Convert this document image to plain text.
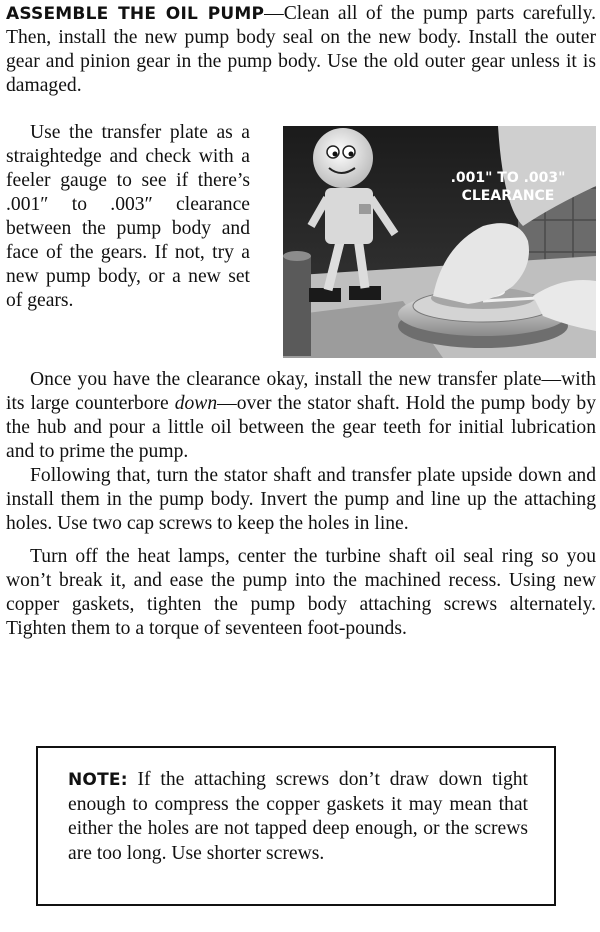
ASSEMBLE THE OIL PUMP—Clean all of the pump parts carefully. Then, install the new pump body seal on the new body. Install the outer gear and pinion gear in the pump body. Use the old outer gear unless it is damaged.

Use the transfer plate as a straightedge and check with a feeler gauge to see if there’s .001″ to .003″ clearance between the pump body and face of the gears. If not, try a new pump body, or a new set of gears.

.001" TO .003"
CLEARANCE

Once you have the clearance okay, install the new transfer plate—with its large counterbore down—over the stator shaft. Hold the pump body by the hub and pour a little oil between the gear teeth for initial lubrication and to prime the pump.

Following that, turn the stator shaft and transfer plate upside down and install them in the pump body. Invert the pump and line up the attaching holes. Use two cap screws to keep the holes in line.

Turn off the heat lamps, center the turbine shaft oil seal ring so you won’t break it, and ease the pump into the machined recess. Using new copper gaskets, tighten the pump body attaching screws alternately. Tighten them to a torque of seventeen foot-pounds.

NOTE: If the attaching screws don’t draw down tight enough to compress the copper gaskets it may mean that either the holes are not tapped deep enough, or the screws are too long. Use shorter screws.
